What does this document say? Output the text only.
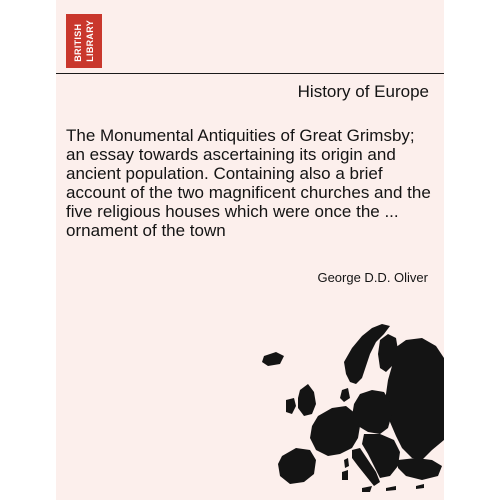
BRITISH LIBRARY
History of Europe

The Monumental Antiquities of Great Grimsby; an essay towards ascertaining its origin and ancient population. Containing also a brief account of the two magnificent churches and the five religious houses which were once the ... ornament of the town

George D.D. Oliver
